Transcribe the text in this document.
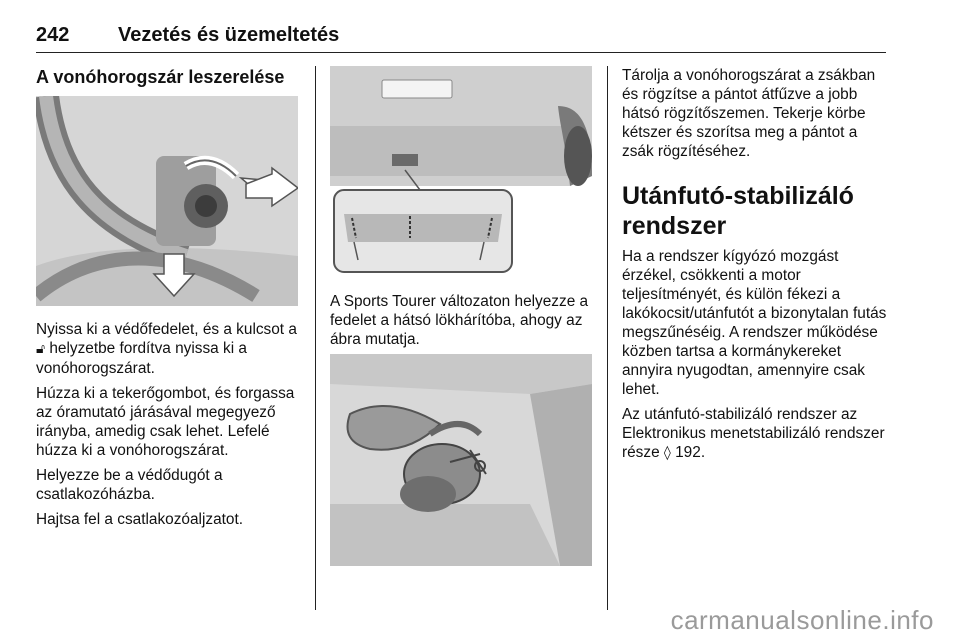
242 Vezetés és üzemeltetés
A vonóhorogszár leszerelése

Nyissa ki a védőfedelet, és a kulcsot a 🔓︎ helyzetbe fordítva nyissa ki a vonóhorogszárat.

Húzza ki a tekerőgombot, és forgassa az óramutató járásával megegyező irányba, amedig csak lehet. Lefelé húzza ki a vonóhorogszárat.

Helyezze be a védődugót a csatlakozóházba.

Hajtsa fel a csatlakozóaljzatot.

A Sports Tourer változaton helyezze a fedelet a hátsó lökhárítóba, ahogy az ábra mutatja.

Tárolja a vonóhorogszárat a zsákban és rögzítse a pántot átfűzve a jobb hátsó rögzítőszemen. Tekerje körbe kétszer és szorítsa meg a pántot a zsák rögzítéséhez.

Utánfutó-stabilizáló rendszer

Ha a rendszer kígyózó mozgást érzékel, csökkenti a motor teljesítményét, és külön fékezi a lakókocsit/utánfutót a bizonytalan futás megszűnéséig. A rendszer működése közben tartsa a kormánykereket annyira nyugodtan, amennyire csak lehet.

Az utánfutó-stabilizáló rendszer az Elektronikus menetstabilizáló rendszer része ◊ 192.

carmanualsonline.info
